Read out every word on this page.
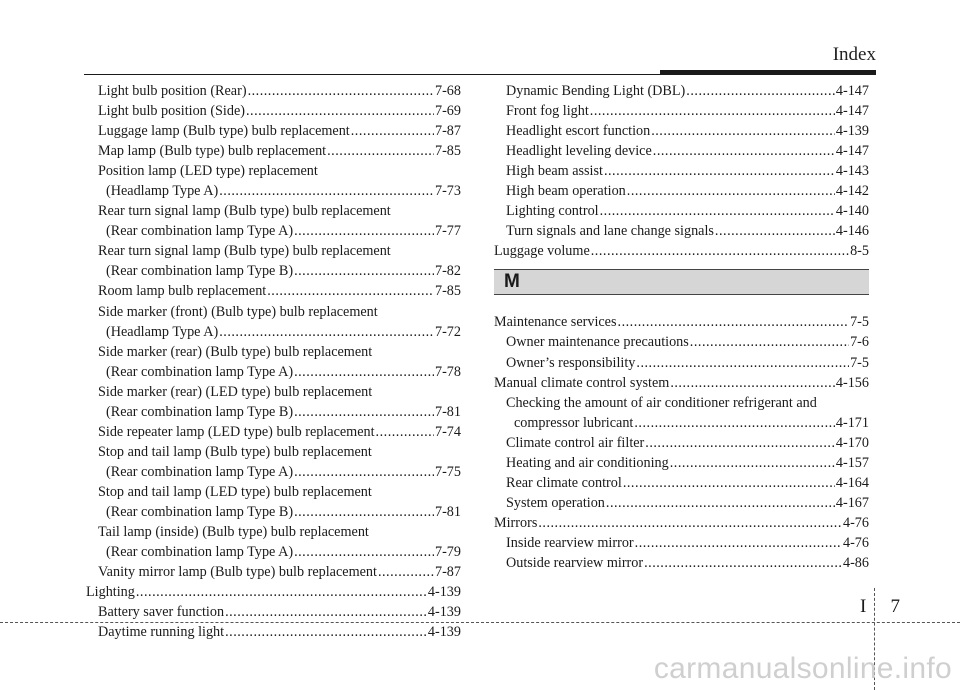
Index
Light bulb position (Rear) .....	7-68
Light bulb position (Side) .....	7-69
Luggage lamp (Bulb type) bulb replacement .....	7-87
Map lamp (Bulb type) bulb replacement .....	7-85
Position lamp (LED type) replacement
(Headlamp Type A) .....	7-73
Rear turn signal lamp (Bulb type) bulb replacement
(Rear combination lamp Type A) .....	7-77
Rear turn signal lamp (Bulb type) bulb replacement
(Rear combination lamp Type B) .....	7-82
Room lamp bulb replacement .....	7-85
Side marker (front) (Bulb type) bulb replacement
(Headlamp Type A) .....	7-72
Side marker (rear) (Bulb type) bulb replacement
(Rear combination lamp Type A) .....	7-78
Side marker (rear) (LED type) bulb replacement
(Rear combination lamp Type B) .....	7-81
Side repeater lamp (LED type) bulb replacement .....	7-74
Stop and tail lamp (Bulb type) bulb replacement
(Rear combination lamp Type A) .....	7-75
Stop and tail lamp (LED type) bulb replacement
(Rear combination lamp Type B) .....	7-81
Tail lamp (inside) (Bulb type) bulb replacement
(Rear combination lamp Type A) .....	7-79
Vanity mirror lamp (Bulb type) bulb replacement .....	7-87
Lighting .....	4-139
Battery saver function .....	4-139
Daytime running light .....	4-139
Dynamic Bending Light (DBL) .....	4-147
Front fog light .....	4-147
Headlight escort function .....	4-139
Headlight leveling device .....	4-147
High beam assist .....	4-143
High beam operation .....	4-142
Lighting control .....	4-140
Turn signals and lane change signals .....	4-146
Luggage volume .....	8-5
M
Maintenance services .....	7-5
Owner maintenance precautions .....	7-6
Owner’s responsibility .....	7-5
Manual climate control system .....	4-156
Checking the amount of air conditioner refrigerant and
compressor lubricant .....	4-171
Climate control air filter .....	4-170
Heating and air conditioning .....	4-157
Rear climate control .....	4-164
System operation .....	4-167
Mirrors .....	4-76
Inside rearview mirror .....	4-76
Outside rearview mirror .....	4-86
I 7
carmanualsonline.info
